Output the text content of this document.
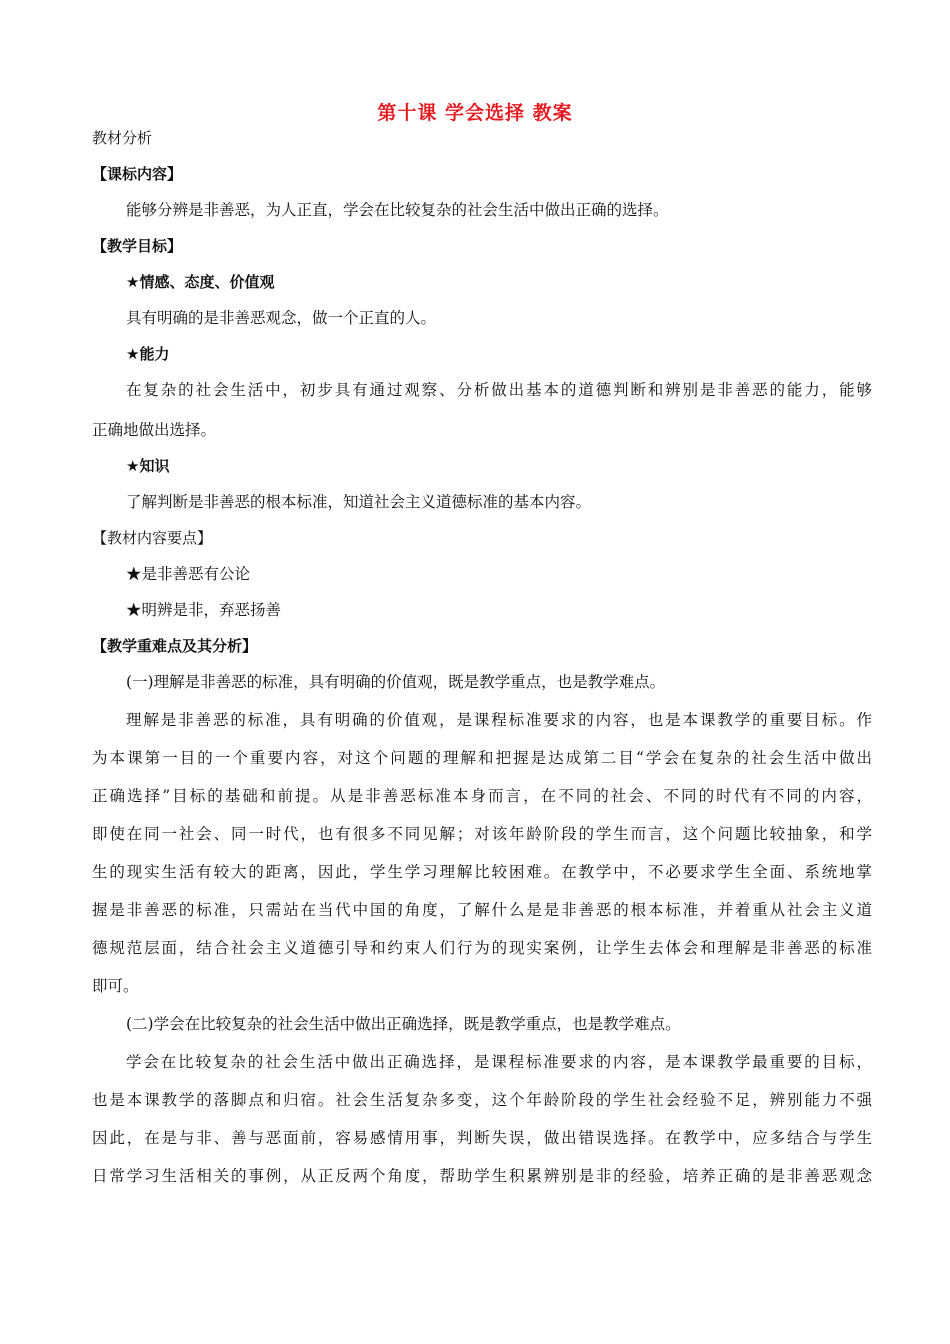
第十课 学会选择 教案
教材分析
【课标内容】
能够分辨是非善恶，为人正直，学会在比较复杂的社会生活中做出正确的选择。
【教学目标】
★情感、态度、价值观
具有明确的是非善恶观念，做一个正直的人。
★能力
在复杂的社会生活中，初步具有通过观察、分析做出基本的道德判断和辨别是非善恶的能力，能够
正确地做出选择。
★知识
了解判断是非善恶的根本标准，知道社会主义道德标准的基本内容。
【教材内容要点】
★是非善恶有公论
★明辨是非，弃恶扬善
【教学重难点及其分析】
(一)理解是非善恶的标准，具有明确的价值观，既是教学重点，也是教学难点。
理解是非善恶的标准，具有明确的价值观，是课程标准要求的内容，也是本课教学的重要目标。作
为本课第一目的一个重要内容，对这个问题的理解和把握是达成第二目“学会在复杂的社会生活中做出
正确选择”目标的基础和前提。从是非善恶标准本身而言，在不同的社会、不同的时代有不同的内容，
即使在同一社会、同一时代，也有很多不同见解；对该年龄阶段的学生而言，这个问题比较抽象，和学
生的现实生活有较大的距离，因此，学生学习理解比较困难。在教学中，不必要求学生全面、系统地掌
握是非善恶的标准，只需站在当代中国的角度，了解什么是是非善恶的根本标准，并着重从社会主义道
德规范层面，结合社会主义道德引导和约束人们行为的现实案例，让学生去体会和理解是非善恶的标准
即可。
(二)学会在比较复杂的社会生活中做出正确选择，既是教学重点，也是教学难点。
学会在比较复杂的社会生活中做出正确选择，是课程标准要求的内容，是本课教学最重要的目标，
也是本课教学的落脚点和归宿。社会生活复杂多变，这个年龄阶段的学生社会经验不足，辨别能力不强
因此，在是与非、善与恶面前，容易感情用事，判断失误，做出错误选择。在教学中，应多结合与学生
日常学习生活相关的事例，从正反两个角度，帮助学生积累辨别是非的经验，培养正确的是非善恶观念
